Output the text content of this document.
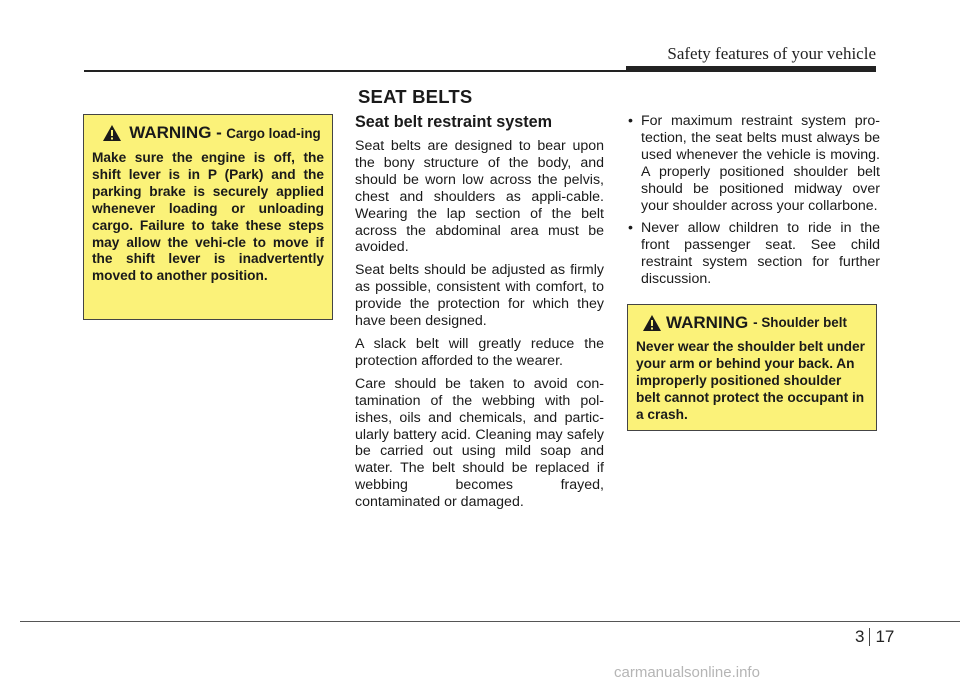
Safety features of your vehicle
SEAT BELTS
WARNING - Cargo load-ing

Make sure the engine is off, the shift lever is in P (Park) and the parking brake is securely applied whenever loading or unloading cargo. Failure to take these steps may allow the vehi-cle to move if the shift lever is inadvertently moved to another position.

Seat belt restraint system

Seat belts are designed to bear upon the bony structure of the body, and should be worn low across the pelvis, chest and shoulders as appli-cable. Wearing the lap section of the belt across the abdominal area must be avoided.

Seat belts should be adjusted as firmly as possible, consistent with comfort, to provide the protection for which they have been designed.

A slack belt will greatly reduce the protection afforded to the wearer.

Care should be taken to avoid con-tamination of the webbing with pol-ishes, oils and chemicals, and partic-ularly battery acid. Cleaning may safely be carried out using mild soap and water. The belt should be replaced if webbing becomes frayed, contaminated or damaged.

• For maximum restraint system pro-tection, the seat belts must always be used whenever the vehicle is moving. A properly positioned shoulder belt should be positioned midway over your shoulder across your collarbone.
• Never allow children to ride in the front passenger seat. See child restraint system section for further discussion.
WARNING - Shoulder belt

Never wear the shoulder belt under your arm or behind your back. An improperly positioned shoulder belt cannot protect the occupant in a crash.

3 17
carmanualsonline.info
